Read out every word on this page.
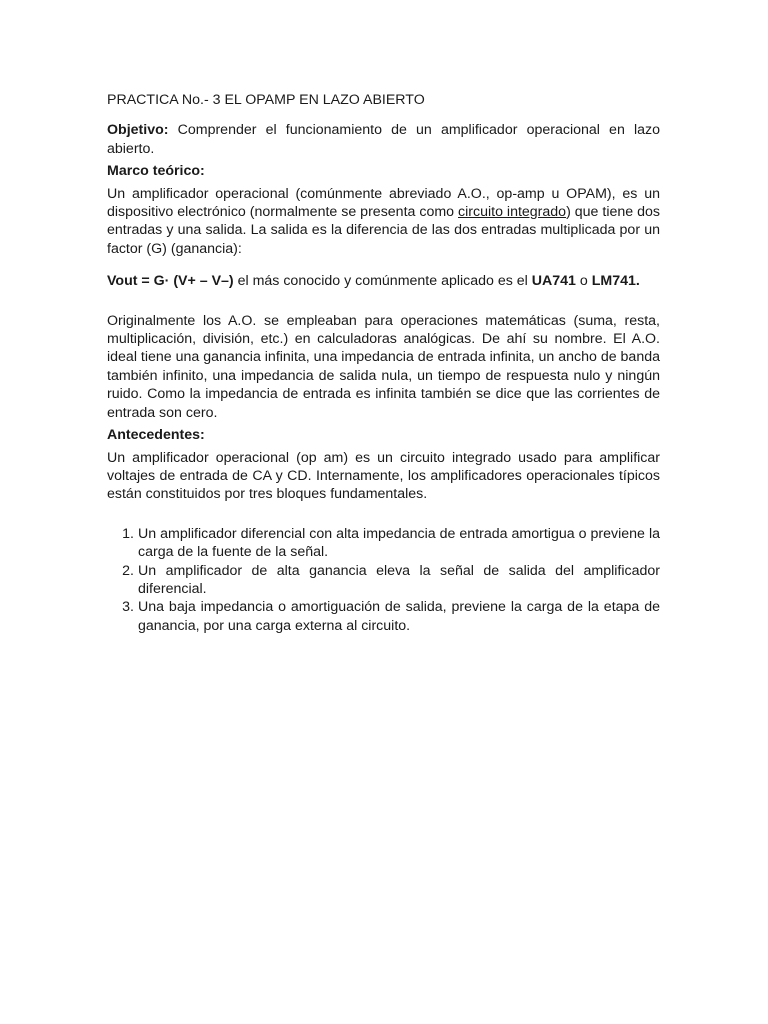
PRACTICA No.- 3 EL OPAMP EN LAZO ABIERTO

Objetivo: Comprender el funcionamiento de un amplificador operacional en lazo abierto.

Marco teórico:

Un amplificador operacional (comúnmente abreviado A.O., op-amp u OPAM), es un dispositivo electrónico (normalmente se presenta como circuito integrado) que tiene dos entradas y una salida. La salida es la diferencia de las dos entradas multiplicada por un factor (G) (ganancia):

Vout = G· (V+ – V–) el más conocido y comúnmente aplicado es el UA741 o LM741.

Originalmente los A.O. se empleaban para operaciones matemáticas (suma, resta, multiplicación, división, etc.) en calculadoras analógicas. De ahí su nombre. El A.O. ideal tiene una ganancia infinita, una impedancia de entrada infinita, un ancho de banda también infinito, una impedancia de salida nula, un tiempo de respuesta nulo y ningún ruido. Como la impedancia de entrada es infinita también se dice que las corrientes de entrada son cero.

Antecedentes:

Un amplificador operacional (op am) es un circuito integrado usado para amplificar voltajes de entrada de CA y CD. Internamente, los amplificadores operacionales típicos están constituidos por tres bloques fundamentales.

1. Un amplificador diferencial con alta impedancia de entrada amortigua o previene la carga de la fuente de la señal.
2. Un amplificador de alta ganancia eleva la señal de salida del amplificador diferencial.
3. Una baja impedancia o amortiguación de salida, previene la carga de la etapa de ganancia, por una carga externa al circuito.
